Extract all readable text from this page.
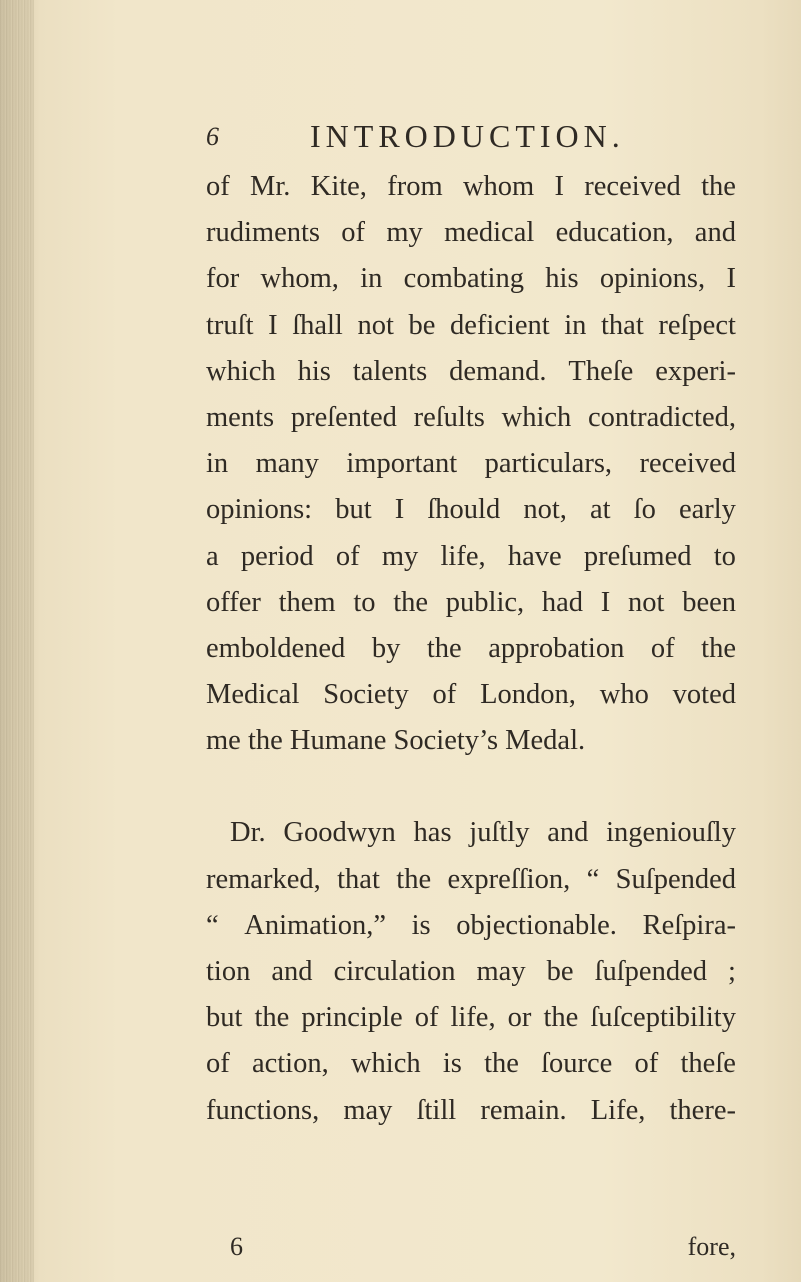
6	INTRODUCTION.
of Mr. Kite, from whom I received the
rudiments of my medical education, and
for whom, in combating his opinions, I
truſt I ſhall not be deficient in that reſpect
which his talents demand. Theſe experi-
ments preſented reſults which contradicted,
in many important particulars, received
opinions: but I ſhould not, at ſo early
a period of my life, have preſumed to
offer them to the public, had I not been
emboldened by the approbation of the
Medical Society of London, who voted
me the Humane Society’s Medal.
Dr. Goodwyn has juſtly and ingeniouſly
remarked, that the expreſſion, “ Suſpended
“ Animation,” is objectionable. Reſpira-
tion and circulation may be ſuſpended ;
but the principle of life, or the ſuſceptibility
of action, which is the ſource of theſe
functions, may ſtill remain. Life, there-
6	fore,
